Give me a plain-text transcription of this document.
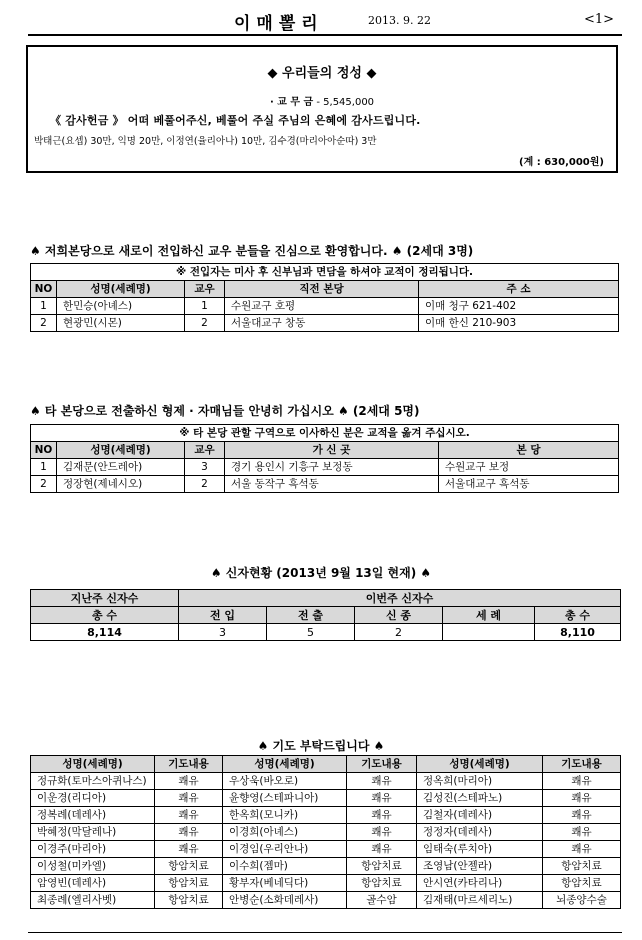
이매뽈리	2013. 9. 22	<1>
◆ 우리들의 정성 ◆
· 교 무 금 - 5,545,000
《 감사헌금 》 어떠 베풀어주신, 베풀어 주실 주님의 은혜에 감사드립니다.
박태근(요셉) 30만, 익명 20만, 이정연(율리아나) 10만, 김수경(마리아아순따) 3만
(계 : 630,000원)
♠ 저희본당으로 새로이 전입하신 교우 분들을 진심으로 환영합니다. ♠ (2세대 3명)
※ 전입자는 미사 후 신부님과 면담을 하셔야 교적이 정리됩니다.				
NO	성명(세례명)	교우	직전 본당	주 소
1	한민승(아녜스)	1	수원교구 호평	이매 청구 621-402
2	현광민(시몬)	2	서울대교구 창동	이매 한신 210-903
♠ 타 본당으로 전출하신 형제 · 자매님들 안녕히 가십시오 ♠ (2세대 5명)
※ 타 본당 관할 구역으로 이사하신 분은 교적을 옮겨 주십시오.				
NO	성명(세례명)	교우	가 신 곳	본 당
1	김재문(안드레아)	3	경기 용인시 기흥구 보정동	수원교구 보정
2	정장현(제네시오)	2	서울 동작구 흑석동	서울대교구 흑석동
♠ 신자현황 (2013년 9월 13일 현재) ♠
지난주 신자수	이번주 신자수				
총 수	전 입	전 출	신 종	세 례	총 수
8,114	3	5	2		8,110
♠ 기도 부탁드립니다 ♠
성명(세례명)	기도내용	성명(세례명)	기도내용	성명(세례명)	기도내용
정규화(토마스아퀴나스)	쾌유	우상욱(바오로)	쾌유	정옥희(마리아)	쾌유
이운경(리디아)	쾌유	윤향영(스테파니아)	쾌유	김성진(스테파노)	쾌유
정복례(데레사)	쾌유	한옥희(모니카)	쾌유	김철자(데레사)	쾌유
박혜정(막달레나)	쾌유	이경희(아녜스)	쾌유	정정자(데레사)	쾌유
이경주(마리아)	쾌유	이경임(우리안나)	쾌유	임태숙(루치아)	쾌유
이성철(미카엘)	항암치료	이수희(젬마)	항암치료	조영남(안젤라)	항암치료
암영빈(데레사)	항암치료	황부자(베네딕다)	항암치료	안시연(카타리나)	항암치료
최종례(엘리사벳)	항암치료	안병순(소화데레사)	골수암	김재태(마르세리노)	뇌종양수술
